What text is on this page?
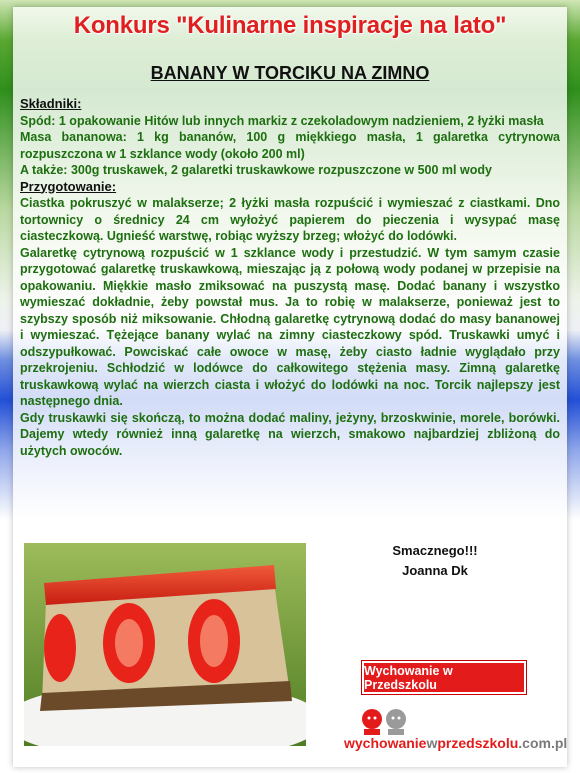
Konkurs "Kulinarne inspiracje na lato"
BANANY W TORCIKU NA ZIMNO
Składniki:

Spód: 1 opakowanie Hitów lub innych markiz z czekoladowym nadzieniem, 2 łyżki masła

Masa bananowa: 1 kg bananów, 100 g miękkiego masła, 1 galaretka cytrynowa rozpuszczona w 1 szklance wody (około 200 ml)

A także: 300g truskawek, 2 galaretki truskawkowe rozpuszczone w 500 ml wody

Przygotowanie:

Ciastka pokruszyć w malakserze; 2 łyżki masła rozpuścić i wymieszać z ciastkami. Dno tortownicy o średnicy 24 cm wyłożyć papierem do pieczenia i wysypać masę ciasteczkową. Ugnieść warstwę, robiąc wyższy brzeg; włożyć do lodówki.

Galaretkę cytrynową rozpuścić w 1 szklance wody i przestudzić. W tym samym czasie przygotować galaretkę truskawkową, mieszając ją z połową wody podanej w przepisie na opakowaniu. Miękkie masło zmiksować na puszystą masę. Dodać banany i wszystko wymieszać dokładnie, żeby powstał mus. Ja to robię w malakserze, ponieważ jest to szybszy sposób niż miksowanie. Chłodną galaretkę cytrynową dodać do masy bananowej i wymieszać. Tężejące banany wylać na zimny ciasteczkowy spód. Truskawki umyć i odszypułkować. Powciskać całe owoce w masę, żeby ciasto ładnie wyglądało przy przekrojeniu. Schłodzić w lodówce do całkowitego stężenia masy. Zimną galaretkę truskawkową wylać na wierzch ciasta i włożyć do lodówki na noc. Torcik najlepszy jest następnego dnia.

Gdy truskawki się skończą, to można dodać maliny, jeżyny, brzoskwinie, morele, borówki. Dajemy wtedy również inną galaretkę na wierzch, smakowo najbardziej zbliżoną do użytych owoców.

Smacznego!!!
Joanna Dk
Wychowanie w Przedszkolu
wychowaniewprzedszkolu.com.pl
